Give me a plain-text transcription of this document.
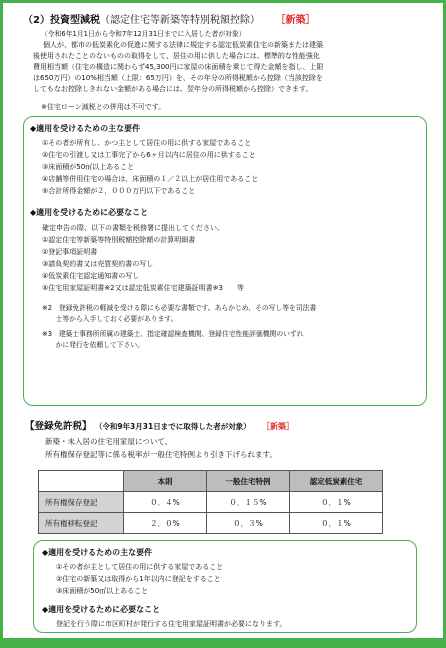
（2）投資型減税（認定住宅等新築等特別税額控除） ［新築］
（令和6年1月1日から令和7年12月31日までに入居した者が対象）
個人が、都市の低炭素化の促進に関する法律に規定する認定低炭素住宅の新築または建築
後使用されたことのないものの取得をして、居住の用に供した場合には、標準的な性能強化
費用相当額（住宅の構造に関わらず45,300円に家屋の床面積を乗じて得た金額を指し、上限
は650万円）の10%相当額（上限：65万円）を、その年分の所得税額から控除（当該控除を
してもなお控除しきれない金額がある場合には、翌年分の所得税額から控除）できます。
※住宅ローン減税との併用は不可です。
◆適用を受けるための主な要件
①その者が所有し、かつ主として居住の用に供する家屋であること
②住宅の引渡し又は工事完了から6ヶ月以内に居住の用に供すること
③床面積が50㎡以上あること
④店舗等併用住宅の場合は、床面積の１／２以上が居住用であること
⑤合計所得金額が２，０００万円以下であること
◆適用を受けるために必要なこと
確定申告の際、以下の書類を税務署に提出してください。
①認定住宅等新築等特別税額控除額の計算明細書
②登記事項証明書
③請負契約書又は売買契約書の写し
④低炭素住宅認定通知書の写し
⑤住宅用家屋証明書※2又は認定低炭素住宅建築証明書※3　　等
※2　登録免許税の軽減を受ける際にも必要な書類です。あらかじめ、その写し等を司法書
　　士等から入手しておく必要があります。
※3　建築士事務所所属の建築士、指定確認検査機関、登録住宅性能評価機関のいずれ
　　かに発行を依頼して下さい。
【登録免許税】 （令和9年3月31日までに取得した者が対象） ［新築］
新築・未入居の住宅用家屋について、
所有権保存登記等に係る税率が一般住宅特例より引き下げられます。
	本則	一般住宅特例	認定低炭素住宅
所有権保存登記	０．４%	０．１５%	０．１%
所有権移転登記	２．０%	０．３%	０．１%
◆適用を受けるための主な要件
①その者が主として居住の用に供する家屋であること
②住宅の新築又は取得から1年以内に登記をすること
③床面積が50㎡以上あること
◆適用を受けるために必要なこと
登記を行う際に市区町村が発行する住宅用家屋証明書が必要になります。
